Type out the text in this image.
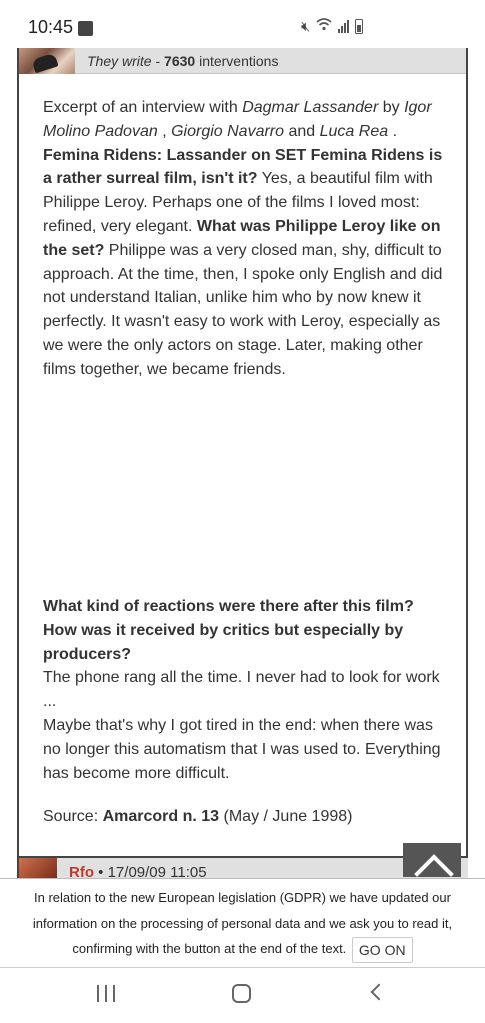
10:45	🔇︎
They write - 7630 interventions
Excerpt of an interview with Dagmar Lassander by Igor Molino Padovan , Giorgio Navarro and Luca Rea .
Femina Ridens: Lassander on SET Femina Ridens is a rather surreal film, isn't it? Yes, a beautiful film with Philippe Leroy. Perhaps one of the films I loved most: refined, very elegant. What was Philippe Leroy like on the set? Philippe was a very closed man, shy, difficult to approach. At the time, then, I spoke only English and did not understand Italian, unlike him who by now knew it perfectly. It wasn't easy to work with Leroy, especially as we were the only actors on stage. Later, making other films together, we became friends.
What kind of reactions were there after this film? How was it received by critics but especially by producers?
The phone rang all the time. I never had to look for work ...
Maybe that's why I got tired in the end: when there was no longer this automatism that I was used to. Everything has become more difficult.
Source: Amarcord n. 13 (May / June 1998)
Rfo • 17/09/09 11:05
In relation to the new European legislation (GDPR) we have updated our information on the processing of personal data and we ask you to read it, confirming with the button at the end of the text. GO ON
